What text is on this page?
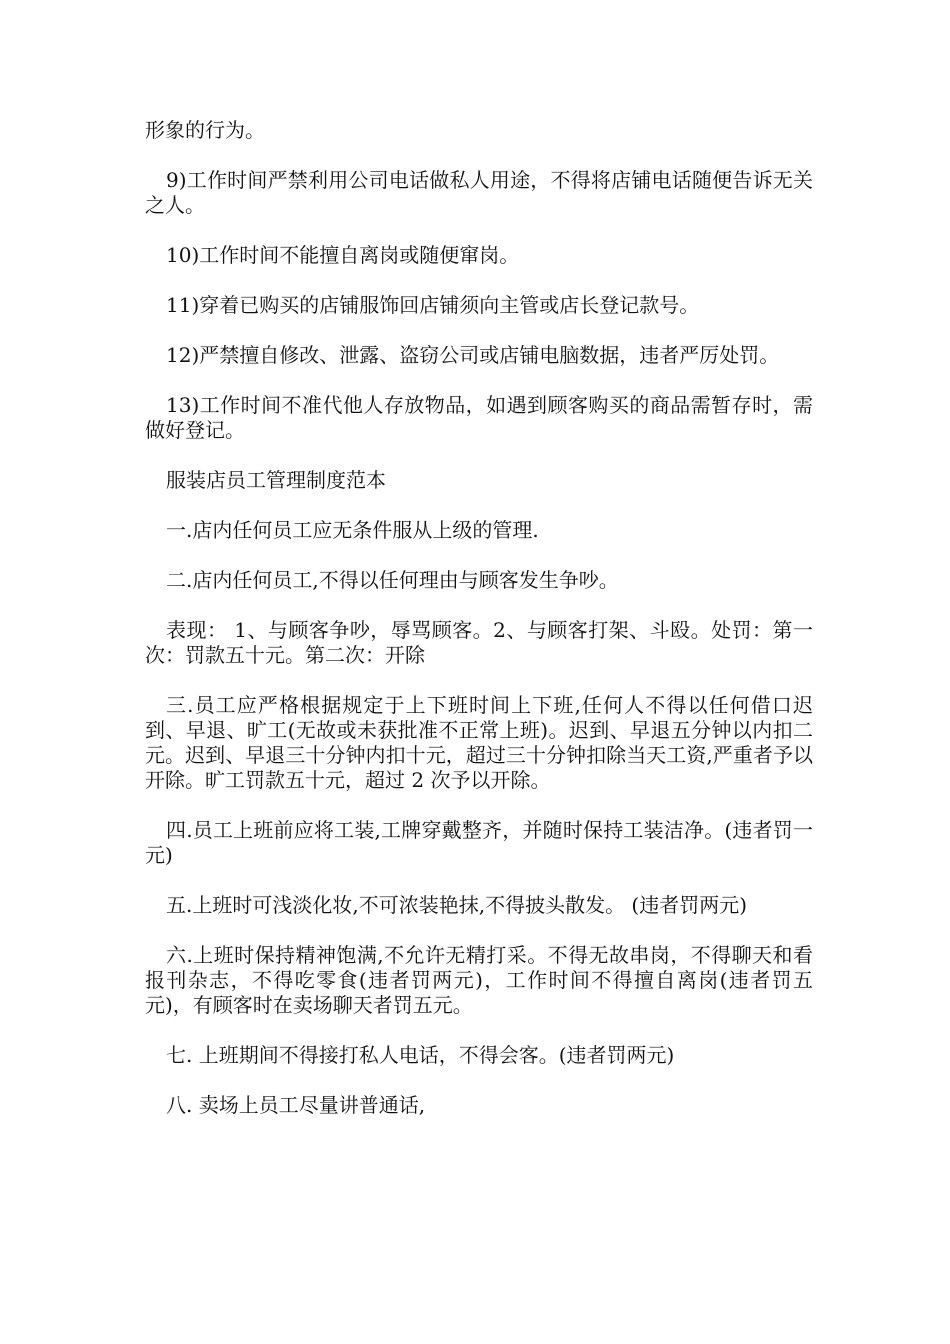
形象的行为。

9)工作时间严禁利用公司电话做私人用途，不得将店铺电话随便告诉无关之人。

10)工作时间不能擅自离岗或随便窜岗。

11)穿着已购买的店铺服饰回店铺须向主管或店长登记款号。

12)严禁擅自修改、泄露、盗窃公司或店铺电脑数据，违者严厉处罚。

13)工作时间不准代他人存放物品，如遇到顾客购买的商品需暂存时，需做好登记。

服装店员工管理制度范本

一.店内任何员工应无条件服从上级的管理.

二.店内任何员工,不得以任何理由与顾客发生争吵。

表现： 1、与顾客争吵，辱骂顾客。2、与顾客打架、斗殴。处罚：第一次：罚款五十元。第二次：开除

三.员工应严格根据规定于上下班时间上下班,任何人不得以任何借口迟到、早退、旷工(无故或未获批准不正常上班)。迟到、早退五分钟以内扣二元。迟到、早退三十分钟内扣十元，超过三十分钟扣除当天工资,严重者予以开除。旷工罚款五十元，超过 2 次予以开除。

四.员工上班前应将工装,工牌穿戴整齐，并随时保持工装洁净。(违者罚一元)

五.上班时可浅淡化妆,不可浓装艳抹,不得披头散发。 (违者罚两元)

六.上班时保持精神饱满,不允许无精打采。不得无故串岗，不得聊天和看报刊杂志，不得吃零食(违者罚两元)，工作时间不得擅自离岗(违者罚五元)，有顾客时在卖场聊天者罚五元。

七. 上班期间不得接打私人电话，不得会客。(违者罚两元)

八. 卖场上员工尽量讲普通话,
